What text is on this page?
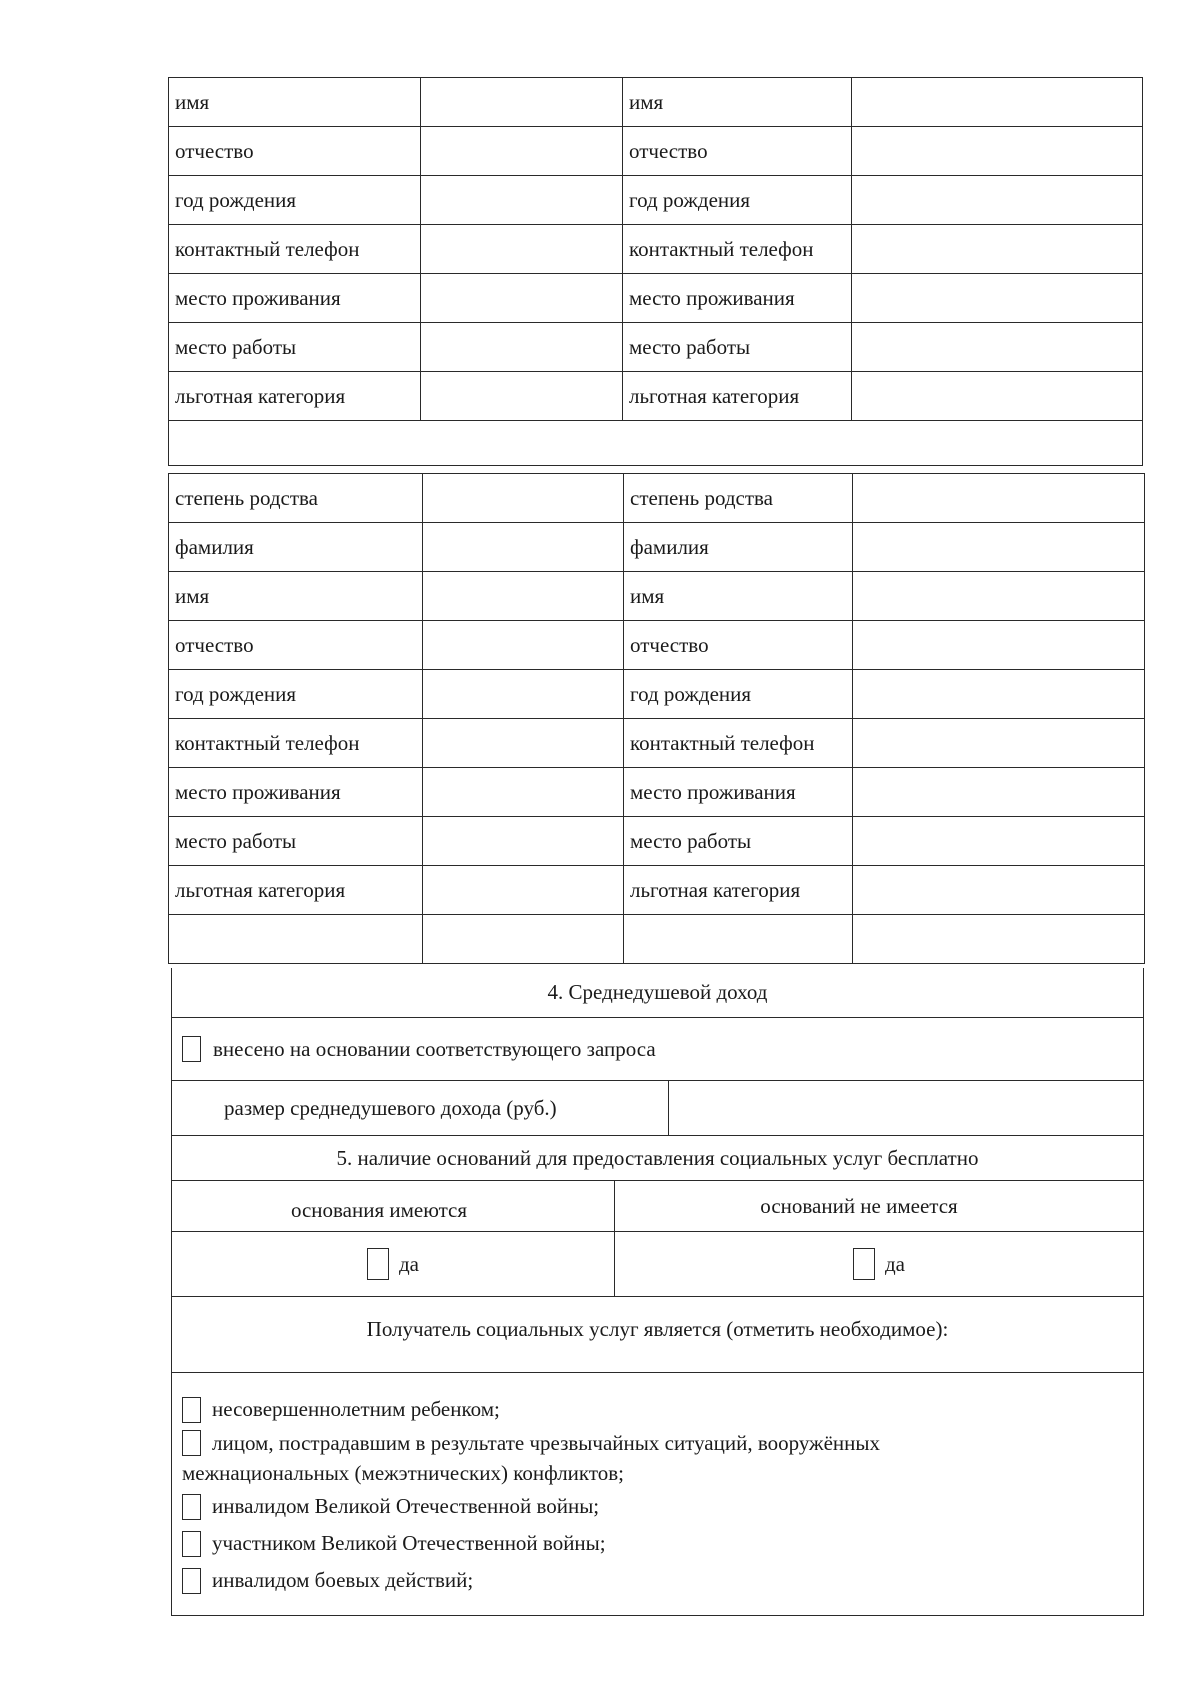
имя		имя	
отчество		отчество	
год рождения		год рождения	
контактный телефон		контактный телефон	
место проживания		место проживания	
место работы		место работы	
льготная категория		льготная категория	

степень родства		степень родства	
фамилия		фамилия	
имя		имя	
отчество		отчество	
год рождения		год рождения	
контактный телефон		контактный телефон	
место проживания		место проживания	
место работы		место работы	
льготная категория		льготная категория	

4. Среднедушевой доход
внесено на основании соответствующего запроса
размер среднедушевого дохода (руб.)
5. наличие оснований для предоставления социальных услуг бесплатно
основания имеются	оснований не имеется
да	да
Получатель социальных услуг является (отметить необходимое):
несовершеннолетним ребенком;
лицом, пострадавшим в результате чрезвычайных ситуаций, вооружённых
межнациональных (межэтнических) конфликтов;
инвалидом Великой Отечественной войны;
участником Великой Отечественной войны;
инвалидом боевых действий;
